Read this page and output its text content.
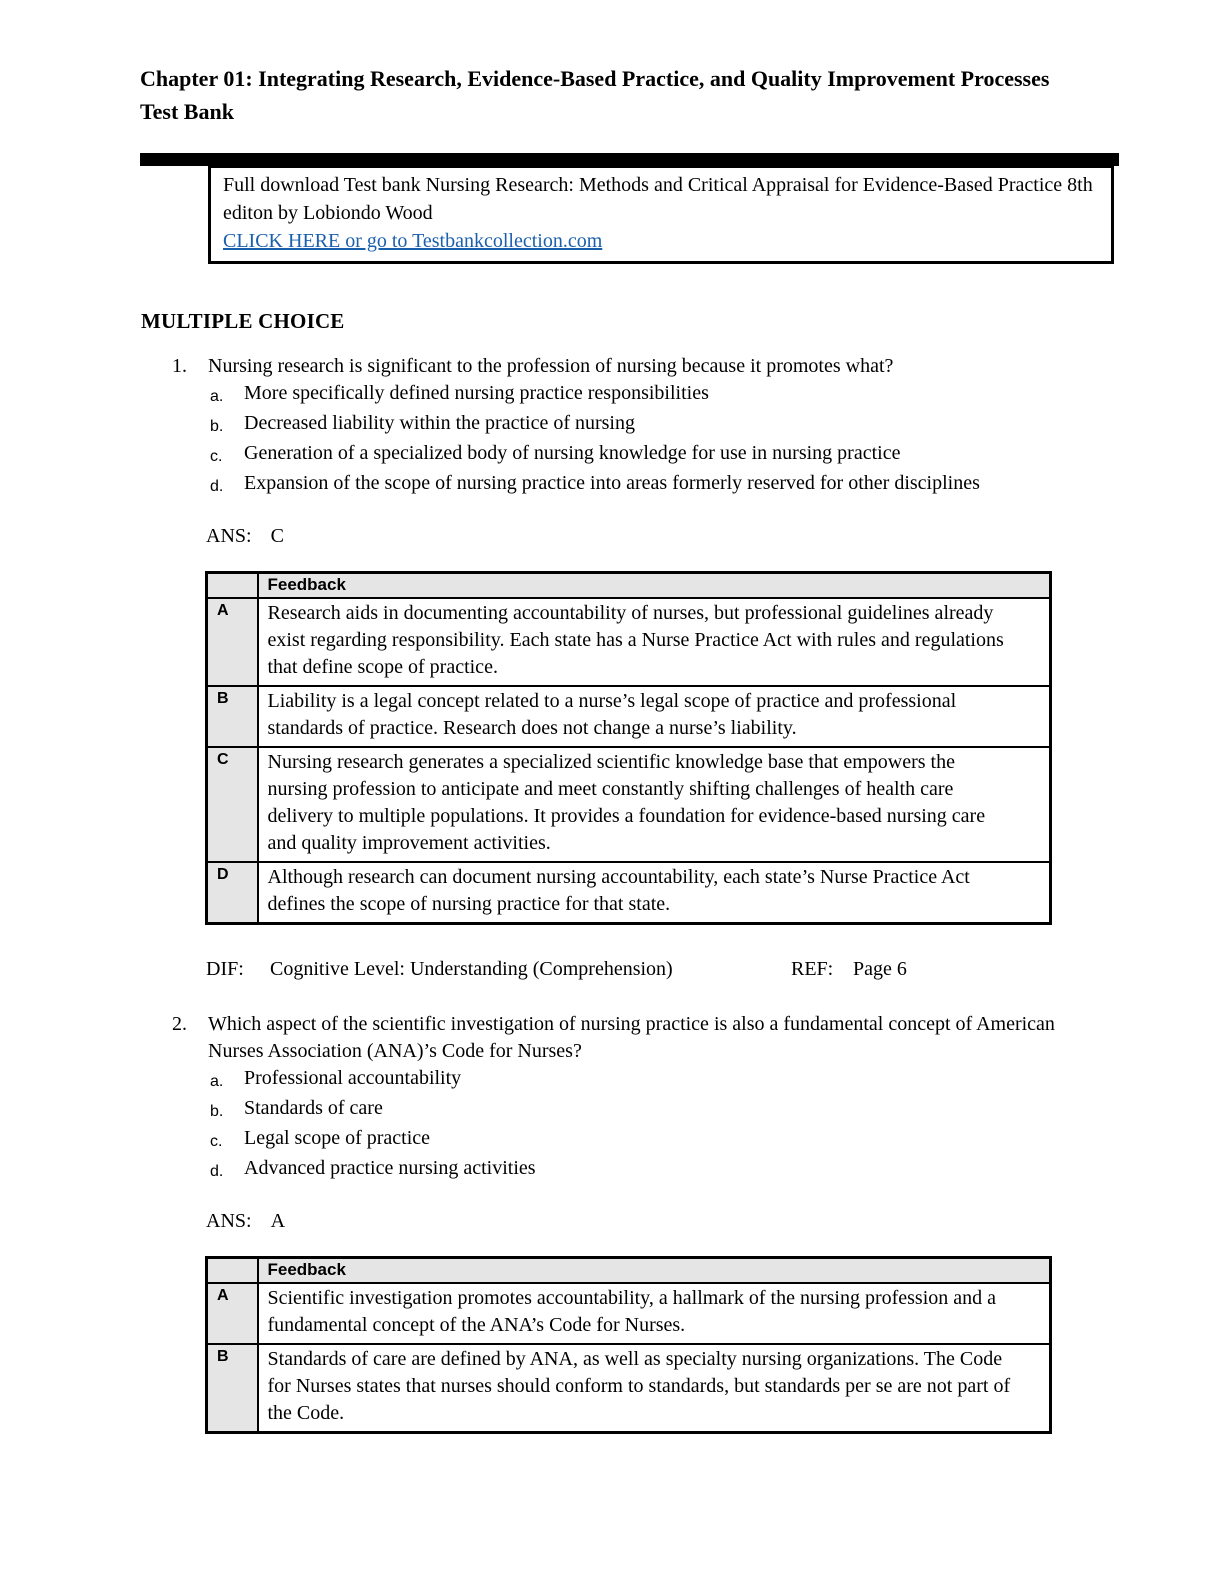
Chapter 01: Integrating Research, Evidence-Based Practice, and Quality Improvement Processes
Test Bank
Full download Test bank Nursing Research: Methods and Critical Appraisal for Evidence-Based Practice 8th editon by Lobiondo Wood
CLICK HERE or go to Testbankcollection.com
MULTIPLE CHOICE
1.	Nursing research is significant to the profession of nursing because it promotes what?
a.	More specifically defined nursing practice responsibilities
b.	Decreased liability within the practice of nursing
c.	Generation of a specialized body of nursing knowledge for use in nursing practice
d.	Expansion of the scope of nursing practice into areas formerly reserved for other disciplines
ANS: C
	Feedback
A	Research aids in documenting accountability of nurses, but professional guidelines already exist regarding responsibility. Each state has a Nurse Practice Act with rules and regulations that define scope of practice.
B	Liability is a legal concept related to a nurse’s legal scope of practice and professional standards of practice. Research does not change a nurse’s liability.
C	Nursing research generates a specialized scientific knowledge base that empowers the nursing profession to anticipate and meet constantly shifting challenges of health care delivery to multiple populations. It provides a foundation for evidence-based nursing care and quality improvement activities.
D	Although research can document nursing accountability, each state’s Nurse Practice Act defines the scope of nursing practice for that state.
DIF:	Cognitive Level: Understanding (Comprehension)	REF: Page 6
2.	Which aspect of the scientific investigation of nursing practice is also a fundamental concept of American Nurses Association (ANA)’s Code for Nurses?
a.	Professional accountability
b.	Standards of care
c.	Legal scope of practice
d.	Advanced practice nursing activities
ANS: A
	Feedback
A	Scientific investigation promotes accountability, a hallmark of the nursing profession and a fundamental concept of the ANA’s Code for Nurses.
B	Standards of care are defined by ANA, as well as specialty nursing organizations. The Code for Nurses states that nurses should conform to standards, but standards per se are not part of the Code.
